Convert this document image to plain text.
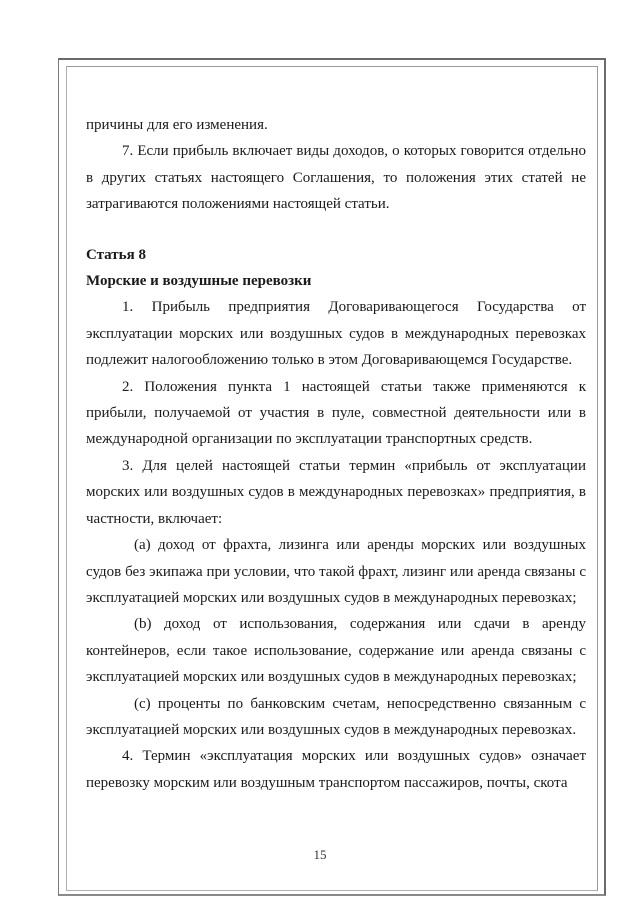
причины для его изменения.

7. Если прибыль включает виды доходов, о которых говорится отдельно в других статьях настоящего Соглашения, то положения этих статей не затрагиваются положениями настоящей статьи.

Статья 8

Морские и воздушные перевозки

1. Прибыль предприятия Договаривающегося Государства от эксплуатации морских или воздушных судов в международных перевозках подлежит налогообложению только в этом Договаривающемся Государстве.

2. Положения пункта 1 настоящей статьи также применяются к прибыли, получаемой от участия в пуле, совместной деятельности или в международной организации по эксплуатации транспортных средств.

3. Для целей настоящей статьи термин «прибыль от эксплуатации морских или воздушных судов в международных перевозках» предприятия, в частности, включает:

(a) доход от фрахта, лизинга или аренды морских или воздушных судов без экипажа при условии, что такой фрахт, лизинг или аренда связаны с эксплуатацией морских или воздушных судов в международных перевозках;

(b) доход от использования, содержания или сдачи в аренду контейнеров, если такое использование, содержание или аренда связаны с эксплуатацией морских или воздушных судов в международных перевозках;

(c) проценты по банковским счетам, непосредственно связанным с эксплуатацией морских или воздушных судов в международных перевозках.

4. Термин «эксплуатация морских или воздушных судов» означает перевозку морским или воздушным транспортом пассажиров, почты, скота

15
